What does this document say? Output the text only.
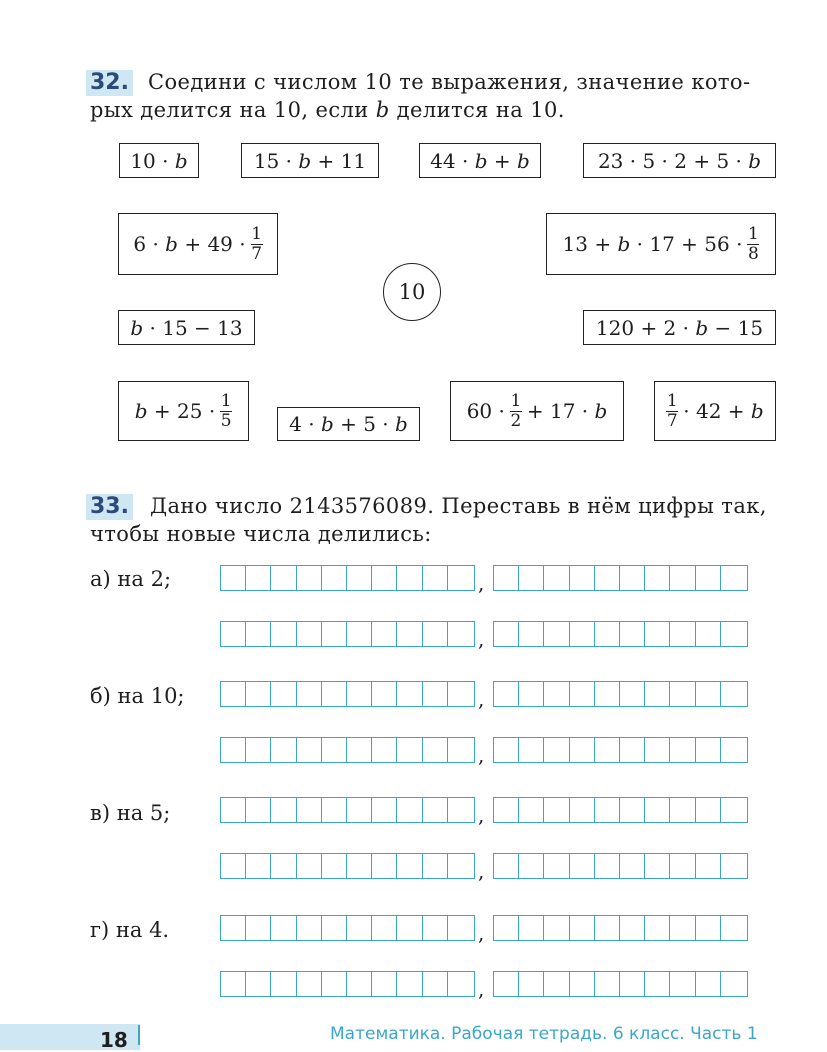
32. Соедини с числом 10 те выражения, значение кото-
рых делится на 10, если b делится на 10.
10 · b	15 · b + 11	44 · b + b	23 · 5 · 2 + 5 · b
$6 \cdot b + 49 \cdot \frac{1}{7}$	$13 + b \cdot 17 + 56 \cdot \frac{1}{8}$
10
b · 15 − 13	120 + 2 · b − 15
$b + 25 \cdot \frac{1}{5}$	4 · b + 5 · b
$60 \cdot \frac{1}{2} + 17 \cdot b$	$\frac{1}{7} \cdot 42 + b$
33. Дано число 2143576089. Переставь в нём цифры так,
чтобы новые числа делились:
а) на 2;
б) на 10;
в) на 5;
г) на 4.
,
,
,
,
,
,
,
,
18	Математика. Рабочая тетрадь. 6 класс. Часть 1
